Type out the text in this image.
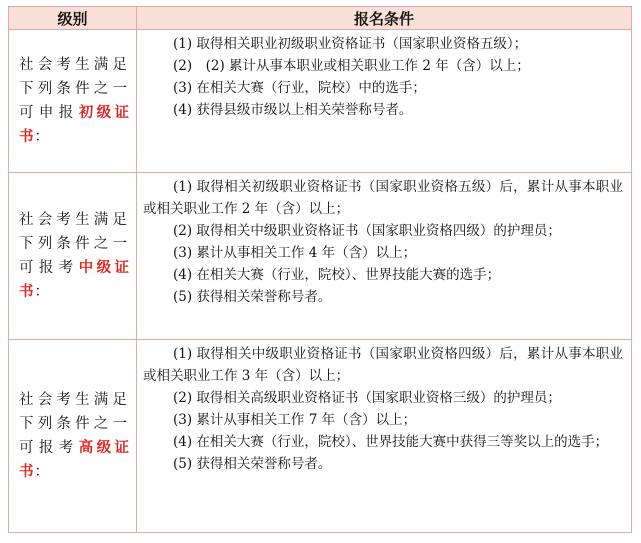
级别	报名条件
社会考生满足下列条件之一可申报初级证书：	(1) 取得相关职业初级职业资格证书（国家职业资格五级）；

(2)　(2) 累计从事本职业或相关职业工作 2 年（含）以上；

(3) 在相关大赛（行业，院校）中的选手；

(4) 获得县级市级以上相关荣誉称号者。

社会考生满足下列条件之一可报考中级证书：	(1) 取得相关初级职业资格证书（国家职业资格五级）后，累计从事本职业或相关职业工作 2 年（含）以上；

(2) 取得相关中级职业资格证书（国家职业资格四级）的护理员；

(3) 累计从事相关工作 4 年（含）以上；

(4) 在相关大赛（行业，院校）、世界技能大赛的选手；

(5) 获得相关荣誉称号者。

社会考生满足下列条件之一可报考高级证书：	(1) 取得相关中级职业资格证书（国家职业资格四级）后，累计从事本职业或相关职业工作 3 年（含）以上；

(2) 取得相关高级职业资格证书（国家职业资格三级）的护理员；

(3) 累计从事相关工作 7 年（含）以上；

(4) 在相关大赛（行业，院校）、世界技能大赛中获得三等奖以上的选手；

(5) 获得相关荣誉称号者。
